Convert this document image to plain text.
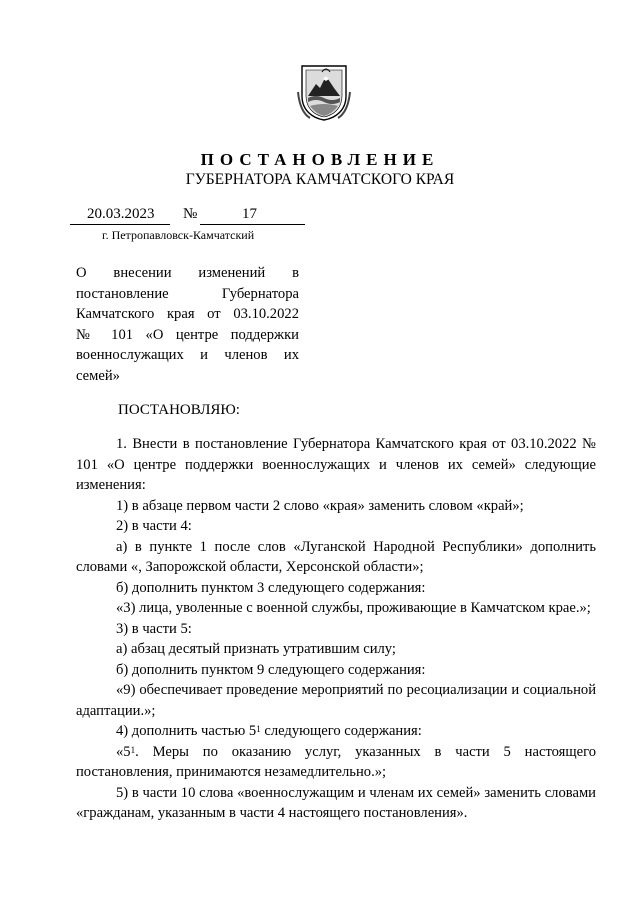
ПОСТАНОВЛЕНИЕ
ГУБЕРНАТОРА КАМЧАТСКОГО КРАЯ
20.03.2023 №	17
г. Петропавловск-Камчатский
О внесении изменений в
постановление Губернатора
Камчатского края от 03.10.2022
№ 101 «О центре поддержки
военнослужащих и членов их
семей»
ПОСТАНОВЛЯЮ:

1. Внести в постановление Губернатора Камчатского края от 03.10.2022 № 101 «О центре поддержки военнослужащих и членов их семей» следующие изменения:

1) в абзаце первом части 2 слово «края» заменить словом «край»;

2) в части 4:

а) в пункте 1 после слов «Луганской Народной Республики» дополнить словами «, Запорожской области, Херсонской области»;

б) дополнить пунктом 3 следующего содержания:

«3) лица, уволенные с военной службы, проживающие в Камчатском крае.»;

3) в части 5:

а) абзац десятый признать утратившим силу;

б) дополнить пунктом 9 следующего содержания:

«9) обеспечивает проведение мероприятий по ресоциализации и социальной адаптации.»;

4) дополнить частью $5^1$ следующего содержания:

«$5^1$. Меры по оказанию услуг, указанных в части 5 настоящего постановления, принимаются незамедлительно.»;

5) в части 10 слова «военнослужащим и членам их семей» заменить словами «гражданам, указанным в части 4 настоящего постановления».
